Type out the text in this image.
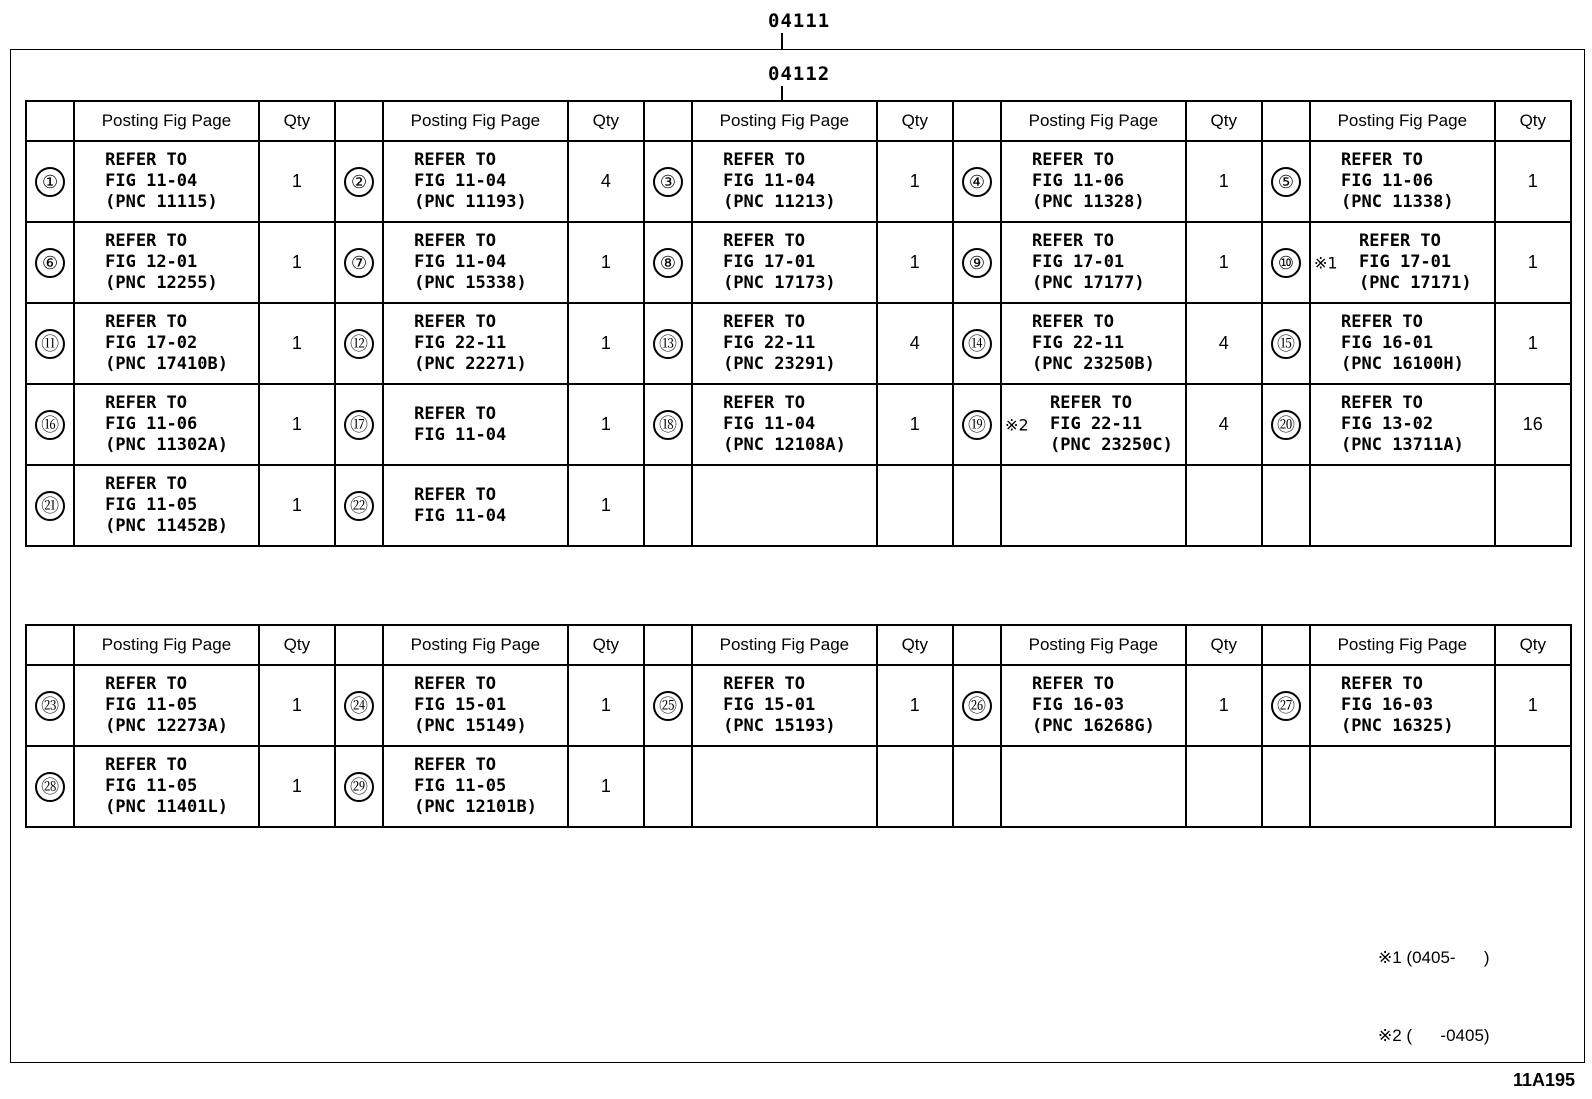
04111
04112
	Posting Fig Page	Qty		Posting Fig Page	Qty		Posting Fig Page	Qty		Posting Fig Page	Qty		Posting Fig Page	Qty
①	REFER TO
FIG 11-04
(PNC 11115)	1	②	REFER TO
FIG 11-04
(PNC 11193)	4	③	REFER TO
FIG 11-04
(PNC 11213)	1	④	REFER TO
FIG 11-06
(PNC 11328)	1	⑤	REFER TO
FIG 11-06
(PNC 11338)	1
⑥	REFER TO
FIG 12-01
(PNC 12255)	1	⑦	REFER TO
FIG 11-04
(PNC 15338)	1	⑧	REFER TO
FIG 17-01
(PNC 17173)	1	⑨	REFER TO
FIG 17-01
(PNC 17177)	1	⑩	※1
REFER TO
FIG 17-01
(PNC 17171)	1
⑪	REFER TO
FIG 17-02
(PNC 17410B)	1	⑫	REFER TO
FIG 22-11
(PNC 22271)	1	⑬	REFER TO
FIG 22-11
(PNC 23291)	4	⑭	REFER TO
FIG 22-11
(PNC 23250B)	4	⑮	REFER TO
FIG 16-01
(PNC 16100H)	1
⑯	REFER TO
FIG 11-06
(PNC 11302A)	1	⑰	REFER TO
FIG 11-04	1	⑱	REFER TO
FIG 11-04
(PNC 12108A)	1	⑲	※2
REFER TO
FIG 22-11
(PNC 23250C)	4	⑳	REFER TO
FIG 13-02
(PNC 13711A)	16
㉑	REFER TO
FIG 11-05
(PNC 11452B)	1	㉒	REFER TO
FIG 11-04	1									
	Posting Fig Page	Qty		Posting Fig Page	Qty		Posting Fig Page	Qty		Posting Fig Page	Qty		Posting Fig Page	Qty
㉓	REFER TO
FIG 11-05
(PNC 12273A)	1	㉔	REFER TO
FIG 15-01
(PNC 15149)	1	㉕	REFER TO
FIG 15-01
(PNC 15193)	1	㉖	REFER TO
FIG 16-03
(PNC 16268G)	1	㉗	REFER TO
FIG 16-03
(PNC 16325)	1
㉘	REFER TO
FIG 11-05
(PNC 11401L)	1	㉙	REFER TO
FIG 11-05
(PNC 12101B)	1									

※1 (0405-      )

※2 (      -0405)

11A195
